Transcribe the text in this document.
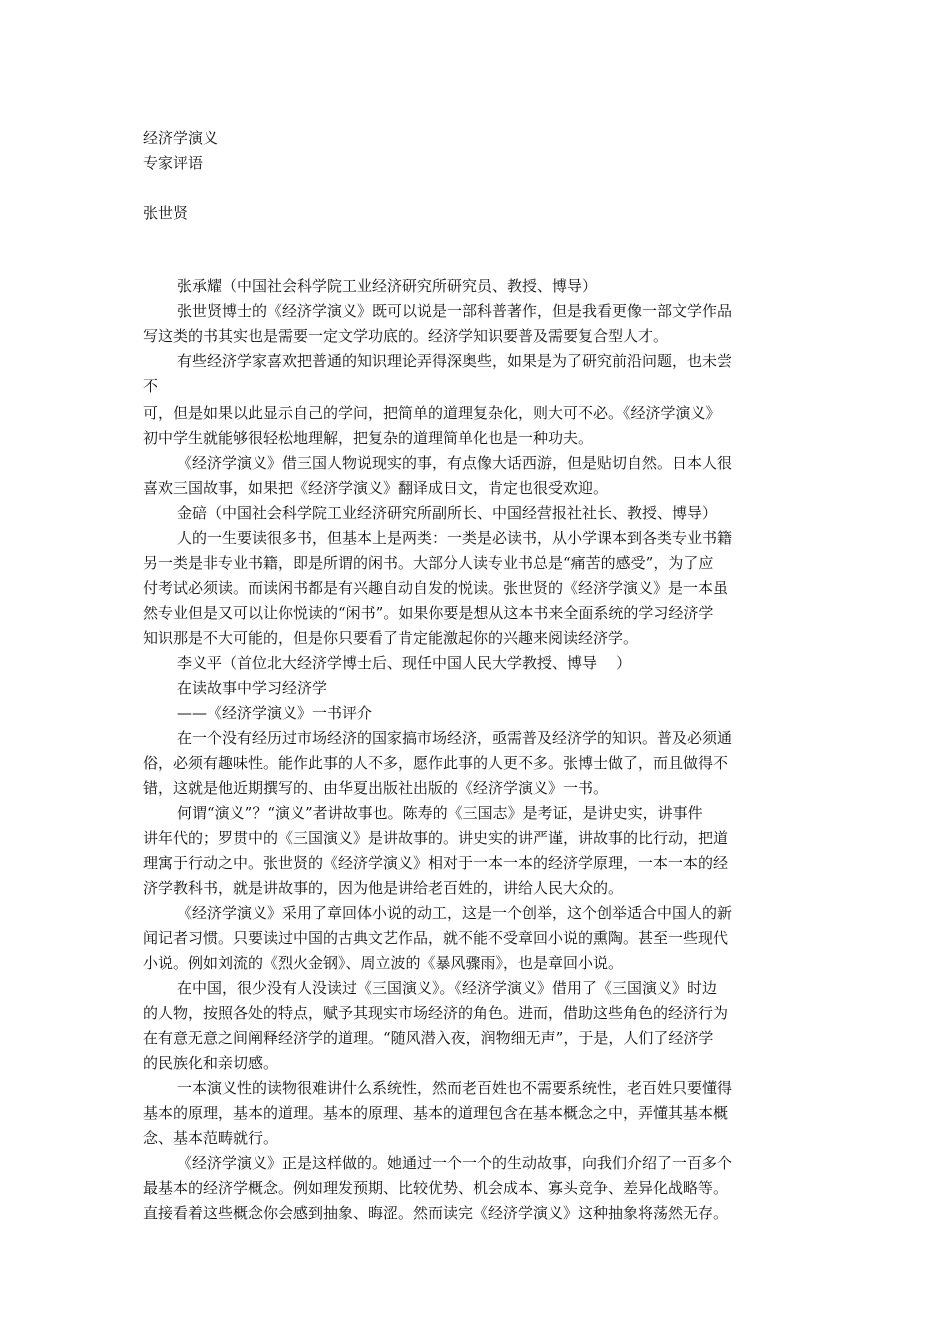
经济学演义
专家评语
张世贤
张承耀（中国社会科学院工业经济研究所研究员、教授、博导）
张世贤博士的《经济学演义》既可以说是一部科普著作，但是我看更像一部文学作品
写这类的书其实也是需要一定文学功底的。经济学知识要普及需要复合型人才。
有些经济学家喜欢把普通的知识理论弄得深奥些，如果是为了研究前沿问题，也未尝
不
可，但是如果以此显示自己的学问，把简单的道理复杂化，则大可不必。《经济学演义》
初中学生就能够很轻松地理解，把复杂的道理简单化也是一种功夫。
《经济学演义》借三国人物说现实的事，有点像大话西游，但是贴切自然。日本人很
喜欢三国故事，如果把《经济学演义》翻译成日文，肯定也很受欢迎。
金碚（中国社会科学院工业经济研究所副所长、中国经营报社社长、教授、博导）
人的一生要读很多书，但基本上是两类：一类是必读书，从小学课本到各类专业书籍
另一类是非专业书籍，即是所谓的闲书。大部分人读专业书总是“痛苦的感受”，为了应
付考试必须读。而读闲书都是有兴趣自动自发的悦读。张世贤的《经济学演义》是一本虽
然专业但是又可以让你悦读的“闲书”。如果你要是想从这本书来全面系统的学习经济学
知识那是不大可能的，但是你只要看了肯定能激起你的兴趣来阅读经济学。
李义平（首位北大经济学博士后、现任中国人民大学教授、博导    ）
在读故事中学习经济学
——《经济学演义》一书评介
在一个没有经历过市场经济的国家搞市场经济，亟需普及经济学的知识。普及必须通
俗，必须有趣味性。能作此事的人不多，愿作此事的人更不多。张博士做了，而且做得不
错，这就是他近期撰写的、由华夏出版社出版的《经济学演义》一书。
何谓“演义”？“演义”者讲故事也。陈寿的《三国志》是考证，是讲史实，讲事件
讲年代的；罗贯中的《三国演义》是讲故事的。讲史实的讲严谨，讲故事的比行动，把道
理寓于行动之中。张世贤的《经济学演义》相对于一本一本的经济学原理，一本一本的经
济学教科书，就是讲故事的，因为他是讲给老百姓的，讲给人民大众的。
《经济学演义》采用了章回体小说的动工，这是一个创举，这个创举适合中国人的新
闻记者习惯。只要读过中国的古典文艺作品，就不能不受章回小说的熏陶。甚至一些现代
小说。例如刘流的《烈火金钢》、周立波的《暴风骤雨》，也是章回小说。
在中国，很少没有人没读过《三国演义》。《经济学演义》借用了《三国演义》时边
的人物，按照各处的特点，赋予其现实市场经济的角色。进而，借助这些角色的经济行为
在有意无意之间阐释经济学的道理。“随风潜入夜，润物细无声”，于是，人们了经济学
的民族化和亲切感。
一本演义性的读物很难讲什么系统性，然而老百姓也不需要系统性，老百姓只要懂得
基本的原理，基本的道理。基本的原理、基本的道理包含在基本概念之中，弄懂其基本概
念、基本范畴就行。
《经济学演义》正是这样做的。她通过一个一个的生动故事，向我们介绍了一百多个
最基本的经济学概念。例如理发预期、比较优势、机会成本、寡头竞争、差异化战略等。
直接看着这些概念你会感到抽象、晦涩。然而读完《经济学演义》这种抽象将荡然无存。
